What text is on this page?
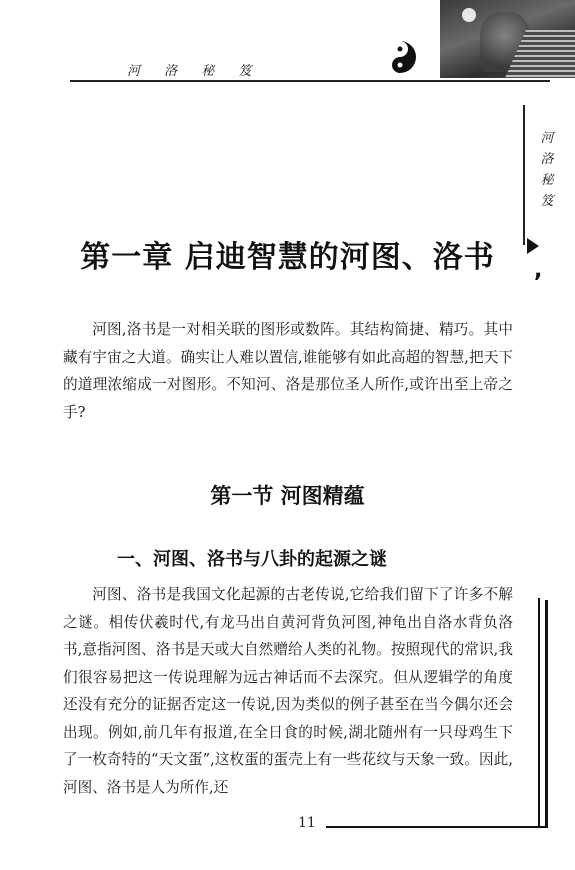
河 洛 秘 笈
河洛秘笈
,
第一章 启迪智慧的河图、洛书

河图,洛书是一对相关联的图形或数阵。其结构简捷、精巧。其中藏有宇宙之大道。确实让人难以置信,谁能够有如此高超的智慧,把天下的道理浓缩成一对图形。不知河、洛是那位圣人所作,或许出至上帝之手?

第一节 河图精蕴
一、河图、洛书与八卦的起源之谜

河图、洛书是我国文化起源的古老传说,它给我们留下了许多不解之谜。相传伏羲时代,有龙马出自黄河背负河图,神龟出自洛水背负洛书,意指河图、洛书是天或大自然赠给人类的礼物。按照现代的常识,我们很容易把这一传说理解为远古神话而不去深究。但从逻辑学的角度还没有充分的证据否定这一传说,因为类似的例子甚至在当今偶尔还会出现。例如,前几年有报道,在全日食的时候,湖北随州有一只母鸡生下了一枚奇特的“天文蛋”,这枚蛋的蛋壳上有一些花纹与天象一致。因此,河图、洛书是人为所作,还

11
